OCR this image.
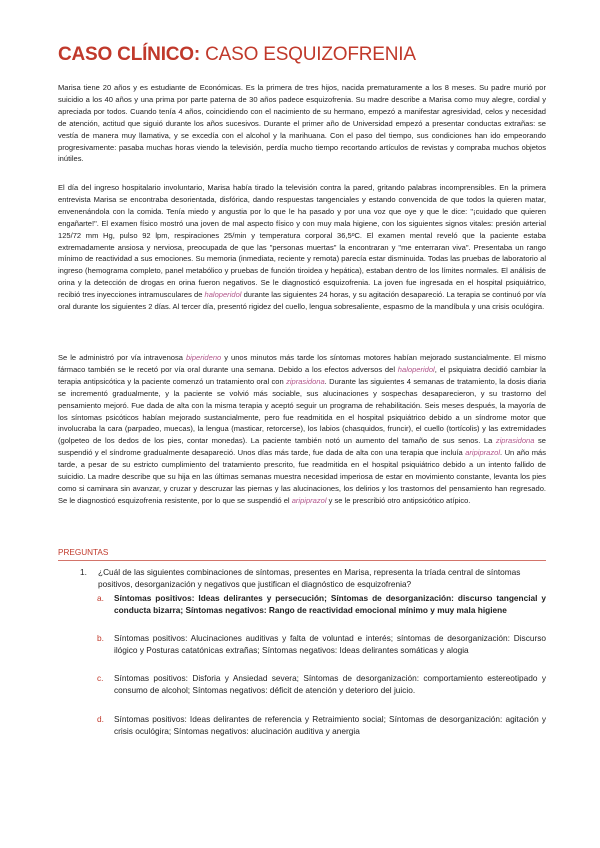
CASO CLÍNICO: CASO ESQUIZOFRENIA

Marisa tiene 20 años y es estudiante de Económicas. Es la primera de tres hijos, nacida prematuramente a los 8 meses. Su padre murió por suicidio a los 40 años y una prima por parte paterna de 30 años padece esquizofrenia. Su madre describe a Marisa como muy alegre, cordial y apreciada por todos. Cuando tenía 4 años, coincidiendo con el nacimiento de su hermano, empezó a manifestar agresividad, celos y necesidad de atención, actitud que siguió durante los años sucesivos. Durante el primer año de Universidad empezó a presentar conductas extrañas: se vestía de manera muy llamativa, y se excedía con el alcohol y la marihuana. Con el paso del tiempo, sus condiciones han ido empeorando progresivamente: pasaba muchas horas viendo la televisión, perdía mucho tiempo recortando artículos de revistas y compraba muchos objetos inútiles.

El día del ingreso hospitalario involuntario, Marisa había tirado la televisión contra la pared, gritando palabras incomprensibles. En la primera entrevista Marisa se encontraba desorientada, disfórica, dando respuestas tangenciales y estando convencida de que todos la quieren matar, envenenándola con la comida. Tenía miedo y angustia por lo que le ha pasado y por una voz que oye y que le dice: "¡cuidado que quieren engañarte!". El examen físico mostró una joven de mal aspecto físico y con muy mala higiene, con los siguientes signos vitales: presión arterial 125/72 mm Hg, pulso 92 lpm, respiraciones 25/min y temperatura corporal 36,5ºC. El examen mental reveló que la paciente estaba extremadamente ansiosa y nerviosa, preocupada de que las "personas muertas" la encontraran y "me enterraran viva". Presentaba un rango mínimo de reactividad a sus emociones. Su memoria (inmediata, reciente y remota) parecía estar disminuida. Todas las pruebas de laboratorio al ingreso (hemograma completo, panel metabólico y pruebas de función tiroidea y hepática), estaban dentro de los límites normales. El análisis de orina y la detección de drogas en orina fueron negativos. Se le diagnosticó esquizofrenia. La joven fue ingresada en el hospital psiquiátrico, recibió tres inyecciones intramusculares de haloperidol durante las siguientes 24 horas, y su agitación desapareció. La terapia se continuó por vía oral durante los siguientes 2 días. Al tercer día, presentó rigidez del cuello, lengua sobresaliente, espasmo de la mandíbula y una crisis oculógira.

Se le administró por vía intravenosa biperideno y unos minutos más tarde los síntomas motores habían mejorado sustancialmente. El mismo fármaco también se le recetó por vía oral durante una semana. Debido a los efectos adversos del haloperidol, el psiquiatra decidió cambiar la terapia antipsicótica y la paciente comenzó un tratamiento oral con ziprasidona. Durante las siguientes 4 semanas de tratamiento, la dosis diaria se incrementó gradualmente, y la paciente se volvió más sociable, sus alucinaciones y sospechas desaparecieron, y su trastorno del pensamiento mejoró. Fue dada de alta con la misma terapia y aceptó seguir un programa de rehabilitación. Seis meses después, la mayoría de los síntomas psicóticos habían mejorado sustancialmente, pero fue readmitida en el hospital psiquiátrico debido a un síndrome motor que involucraba la cara (parpadeo, muecas), la lengua (masticar, retorcerse), los labios (chasquidos, fruncir), el cuello (tortícolis) y las extremidades (golpeteo de los dedos de los pies, contar monedas). La paciente también notó un aumento del tamaño de sus senos. La ziprasidona se suspendió y el síndrome gradualmente desapareció. Unos días más tarde, fue dada de alta con una terapia que incluía aripiprazol. Un año más tarde, a pesar de su estricto cumplimiento del tratamiento prescrito, fue readmitida en el hospital psiquiátrico debido a un intento fallido de suicidio. La madre describe que su hija en las últimas semanas muestra necesidad imperiosa de estar en movimiento constante, levanta los pies como si caminara sin avanzar, y cruzar y descruzar las piernas y las alucinaciones, los delirios y los trastornos del pensamiento han regresado. Se le diagnosticó esquizofrenia resistente, por lo que se suspendió el aripiprazol y se le prescribió otro antipsicótico atípico.

PREGUNTAS
1. ¿Cuál de las siguientes combinaciones de síntomas, presentes en Marisa, representa la tríada central de síntomas positivos, desorganización y negativos que justifican el diagnóstico de esquizofrenia?

a. Síntomas positivos: Ideas delirantes y persecución; Síntomas de desorganización: discurso tangencial y conducta bizarra; Síntomas negativos: Rango de reactividad emocional mínimo y muy mala higiene

b. Síntomas positivos: Alucinaciones auditivas y falta de voluntad e interés; síntomas de desorganización: Discurso ilógico y Posturas catatónicas extrañas; Síntomas negativos: Ideas delirantes somáticas y alogia

c. Síntomas positivos: Disforia y Ansiedad severa; Síntomas de desorganización: comportamiento estereotipado y consumo de alcohol; Síntomas negativos: déficit de atención y deterioro del juicio.

d. Síntomas positivos: Ideas delirantes de referencia y Retraimiento social; Síntomas de desorganización: agitación y crisis oculógira; Síntomas negativos: alucinación auditiva y anergia
